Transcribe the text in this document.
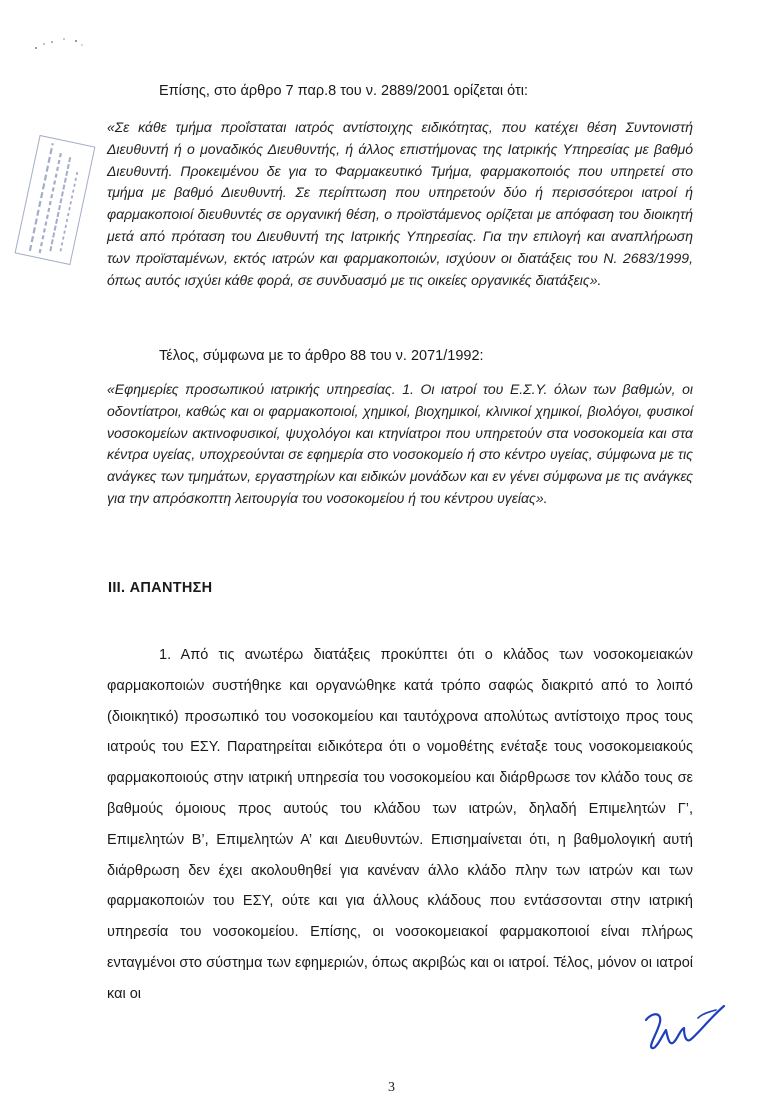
Επίσης, στο άρθρο 7 παρ.8 του ν. 2889/2001 ορίζεται ότι:
«Σε κάθε τμήμα προΐσταται ιατρός αντίστοιχης ειδικότητας, που κατέχει θέση Συντονιστή Διευθυντή ή ο μοναδικός Διευθυντής, ή άλλος επιστήμονας της Ιατρικής Υπηρεσίας με βαθμό Διευθυντή. Προκειμένου δε για το Φαρμακευτικό Τμήμα, φαρμακοποιός που υπηρετεί στο τμήμα με βαθμό Διευθυντή. Σε περίπτωση που υπηρετούν δύο ή περισσότεροι ιατροί ή φαρμακοποιοί διευθυντές σε οργανική θέση, ο προϊστάμενος ορίζεται με απόφαση του διοικητή μετά από πρόταση του Διευθυντή της Ιατρικής Υπηρεσίας. Για την επιλογή και αναπλήρωση των προϊσταμένων, εκτός ιατρών και φαρμακοποιών, ισχύουν οι διατάξεις του Ν. 2683/1999, όπως αυτός ισχύει κάθε φορά, σε συνδυασμό με τις οικείες οργανικές διατάξεις».
Τέλος, σύμφωνα με το άρθρο 88 του ν. 2071/1992:
«Εφημερίες προσωπικού ιατρικής υπηρεσίας. 1. Οι ιατροί του Ε.Σ.Υ. όλων των βαθμών, οι οδοντίατροι, καθώς και οι φαρμακοποιοί, χημικοί, βιοχημικοί, κλινικοί χημικοί, βιολόγοι, φυσικοί νοσοκομείων ακτινοφυσικοί, ψυχολόγοι και κτηνίατροι που υπηρετούν στα νοσοκομεία και στα κέντρα υγείας, υποχρεούνται σε εφημερία στο νοσοκομείο ή στο κέντρο υγείας, σύμφωνα με τις ανάγκες των τμημάτων, εργαστηρίων και ειδικών μονάδων και εν γένει σύμφωνα με τις ανάγκες για την απρόσκοπτη λειτουργία του νοσοκομείου ή του κέντρου υγείας».
III. ΑΠΑΝΤΗΣΗ
1. Από τις ανωτέρω διατάξεις προκύπτει ότι ο κλάδος των νοσοκομειακών φαρμακοποιών συστήθηκε και οργανώθηκε κατά τρόπο σαφώς διακριτό από το λοιπό (διοικητικό) προσωπικό του νοσοκομείου και ταυτόχρονα απολύτως αντίστοιχο προς τους ιατρούς του ΕΣΥ. Παρατηρείται ειδικότερα ότι ο νομοθέτης ενέταξε τους νοσοκομειακούς φαρμακοποιούς στην ιατρική υπηρεσία του νοσοκομείου και διάρθρωσε τον κλάδο τους σε βαθμούς όμοιους προς αυτούς του κλάδου των ιατρών, δηλαδή Επιμελητών Γ’, Επιμελητών Β’, Επιμελητών Α’ και Διευθυντών. Επισημαίνεται ότι, η βαθμολογική αυτή διάρθρωση δεν έχει ακολουθηθεί για κανέναν άλλο κλάδο πλην των ιατρών και των φαρμακοποιών του ΕΣΥ, ούτε και για άλλους κλάδους που εντάσσονται στην ιατρική υπηρεσία του νοσοκομείου. Επίσης, οι νοσοκομειακοί φαρμακοποιοί είναι πλήρως ενταγμένοι στο σύστημα των εφημεριών, όπως ακριβώς και οι ιατροί. Τέλος, μόνον οι ιατροί και οι
3
